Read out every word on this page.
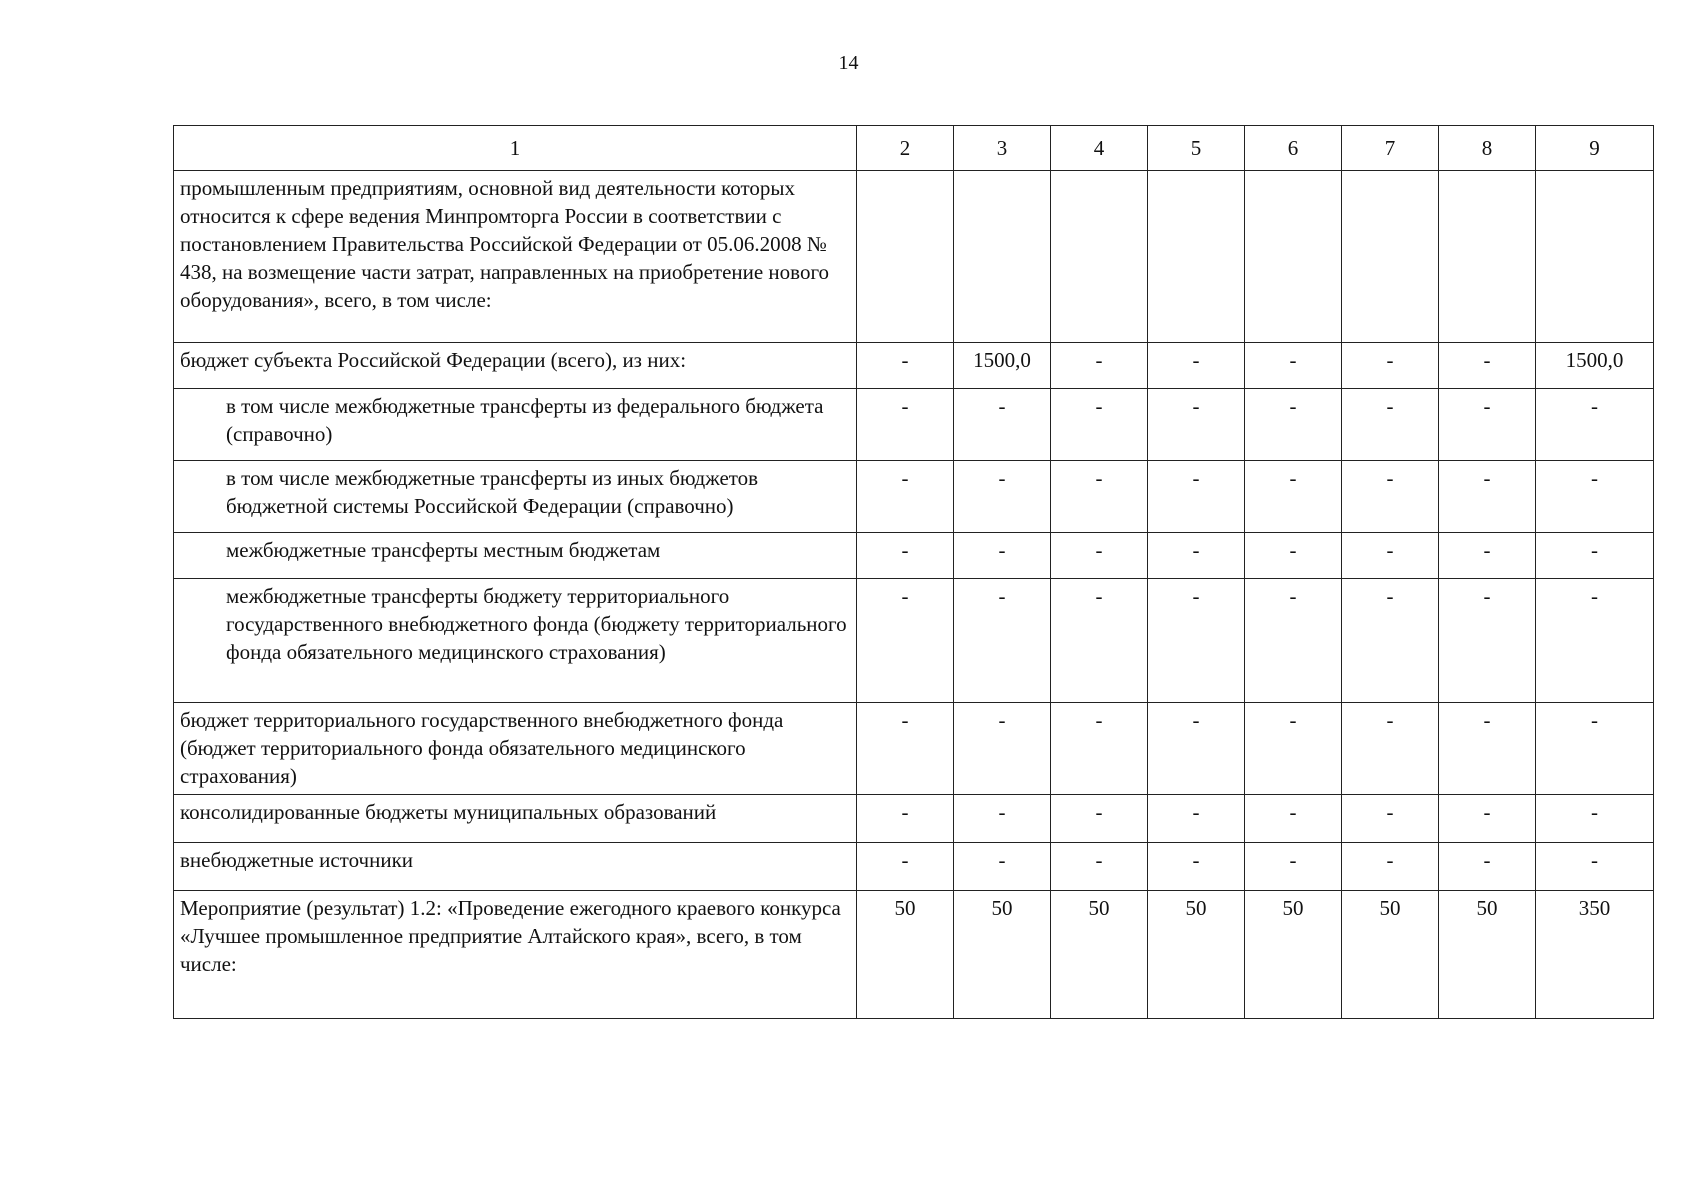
14
1	2	3	4	5	6	7	8	9
промышленным предприятиям, основной вид деятельности которых относится к сфере ведения Минпромторга России в соответствии с постановлением Правительства Российской Федерации от 05.06.2008 № 438, на возмещение части затрат, направленных на приобретение нового оборудования», всего, в том числе:								
бюджет субъекта Российской Федерации (всего), из них:	-	1500,0	-	-	-	-	-	1500,0
в том числе межбюджетные трансферты из федерального бюджета (справочно)	-	-	-	-	-	-	-	-
в том числе межбюджетные трансферты из иных бюджетов бюджетной системы Российской Федерации (справочно)	-	-	-	-	-	-	-	-
межбюджетные трансферты местным бюджетам	-	-	-	-	-	-	-	-
межбюджетные трансферты бюджету территориального государственного внебюджетного фонда (бюджету территориального фонда обязательного медицинского страхования)	-	-	-	-	-	-	-	-
бюджет территориального государственного внебюджетного фонда (бюджет территориального фонда обязательного медицинского страхования)	-	-	-	-	-	-	-	-
консолидированные бюджеты муниципальных образований	-	-	-	-	-	-	-	-
внебюджетные источники	-	-	-	-	-	-	-	-
Мероприятие (результат) 1.2: «Проведение ежегодного краевого конкурса «Лучшее промышленное предприятие Алтайского края», всего, в том числе:	50	50	50	50	50	50	50	350
